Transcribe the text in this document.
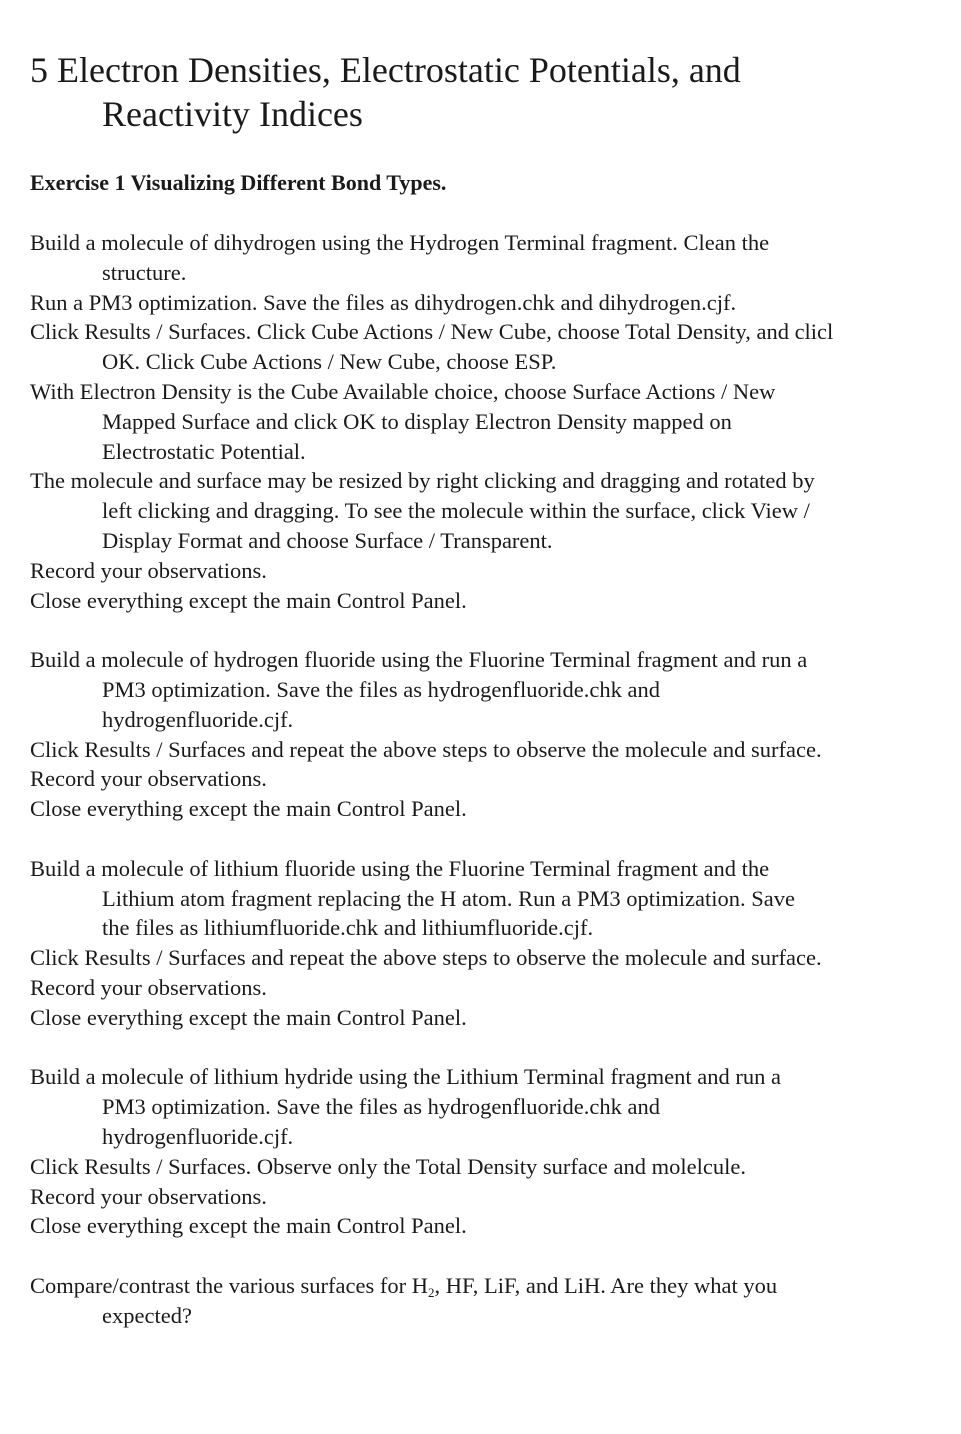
5 Electron Densities, Electrostatic Potentials, and
Reactivity Indices
Exercise 1 Visualizing Different Bond Types.

Build a molecule of dihydrogen using the Hydrogen Terminal fragment. Clean the
structure.

Run a PM3 optimization. Save the files as dihydrogen.chk and dihydrogen.cjf.

Click Results / Surfaces. Click Cube Actions / New Cube, choose Total Density, and clicl
OK. Click Cube Actions / New Cube, choose ESP.

With Electron Density is the Cube Available choice, choose Surface Actions / New
Mapped Surface and click OK to display Electron Density mapped on
Electrostatic Potential.

The molecule and surface may be resized by right clicking and dragging and rotated by
left clicking and dragging. To see the molecule within the surface, click View /
Display Format and choose Surface / Transparent.

Record your observations.

Close everything except the main Control Panel.

Build a molecule of hydrogen fluoride using the Fluorine Terminal fragment and run a
PM3 optimization. Save the files as hydrogenfluoride.chk and
hydrogenfluoride.cjf.

Click Results / Surfaces and repeat the above steps to observe the molecule and surface.

Record your observations.

Close everything except the main Control Panel.

Build a molecule of lithium fluoride using the Fluorine Terminal fragment and the
Lithium atom fragment replacing the H atom. Run a PM3 optimization. Save
the files as lithiumfluoride.chk and lithiumfluoride.cjf.

Click Results / Surfaces and repeat the above steps to observe the molecule and surface.

Record your observations.

Close everything except the main Control Panel.

Build a molecule of lithium hydride using the Lithium Terminal fragment and run a
PM3 optimization. Save the files as hydrogenfluoride.chk and
hydrogenfluoride.cjf.

Click Results / Surfaces. Observe only the Total Density surface and molelcule.

Record your observations.

Close everything except the main Control Panel.

Compare/contrast the various surfaces for $H_2$, HF, LiF, and LiH. Are they what you
expected?
